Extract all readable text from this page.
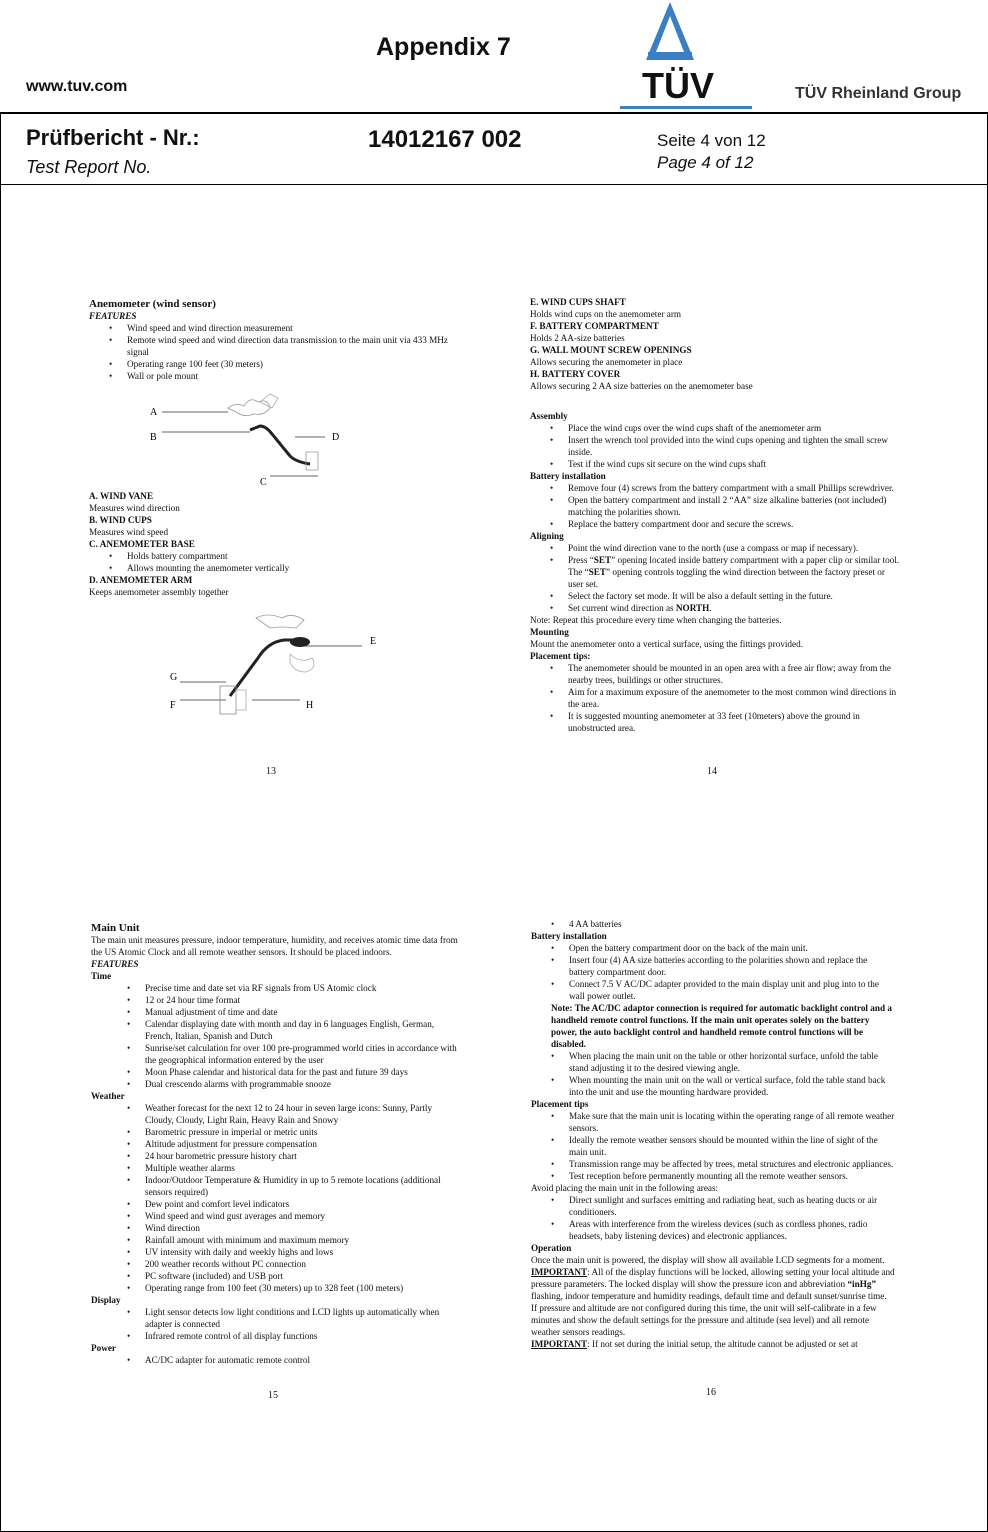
www.tuv.com
Appendix 7
TÜV	TÜV Rheinland Group
Prüfbericht - Nr.:
Test Report No.
14012167 002	Seite 4 von 12
Page 4 of 12

Anemometer (wind sensor)

FEATURES

• Wind speed and wind direction measurement
• Remote wind speed and wind direction data transmission to the main unit via 433 MHz signal
• Operating range 100 feet (30 meters)
• Wall or pole mount
A
B
C
D

A. WIND VANE

Measures wind direction

B. WIND CUPS

Measures wind speed

C. ANEMOMETER BASE

• Holds battery compartment
• Allows mounting the anemometer vertically

D. ANEMOMETER ARM

Keeps anemometer assembly together

E
G
F	H
13

E. WIND CUPS SHAFT

Holds wind cups on the anemometer arm

F. BATTERY COMPARTMENT

Holds 2 AA-size batteries

G. WALL MOUNT SCREW OPENINGS

Allows securing the anemometer in place

H. BATTERY COVER

Allows securing 2 AA size batteries on the anemometer base

Assembly

• Place the wind cups over the wind cups shaft of the anemometer arm
• Insert the wrench tool provided into the wind cups opening and tighten the small screw inside.
• Test if the wind cups sit secure on the wind cups shaft

Battery installation

• Remove four (4) screws from the battery compartment with a small Phillips screwdriver.
• Open the battery compartment and install 2 “AA” size alkaline batteries (not included) matching the polarities shown.
• Replace the battery compartment door and secure the screws.

Aligning

• Point the wind direction vane to the north (use a compass or map if necessary).
• Press “SET” opening located inside battery compartment with a paper clip or similar tool. The “SET” opening controls toggling the wind direction between the factory preset or user set.
• Select the factory set mode. It will be also a default setting in the future.
• Set current wind direction as NORTH.

Note: Repeat this procedure every time when changing the batteries.

Mounting

Mount the anemometer onto a vertical surface, using the fittings provided.

Placement tips:

• The anemometer should be mounted in an open area with a free air flow; away from the nearby trees, buildings or other structures.
• Aim for a maximum exposure of the anemometer to the most common wind directions in the area.
• It is suggested mounting anemometer at 33 feet (10meters) above the ground in unobstructed area.
14

Main Unit

The main unit measures pressure, indoor temperature, humidity, and receives atomic time data from the US Atomic Clock and all remote weather sensors. It should be placed indoors.

FEATURES

Time

• Precise time and date set via RF signals from US Atomic clock
• 12 or 24 hour time format
• Manual adjustment of time and date
• Calendar displaying date with month and day in 6 languages English, German, French, Italian, Spanish and Dutch
• Sunrise/set calculation for over 100 pre-programmed world cities in accordance with the geographical information entered by the user
• Moon Phase calendar and historical data for the past and future 39 days
• Dual crescendo alarms with programmable snooze

Weather

• Weather forecast for the next 12 to 24 hour in seven large icons: Sunny, Partly Cloudy, Cloudy, Light Rain, Heavy Rain and Snowy
• Barometric pressure in imperial or metric units
• Altitude adjustment for pressure compensation
• 24 hour barometric pressure history chart
• Multiple weather alarms
• Indoor/Outdoor Temperature & Humidity in up to 5 remote locations (additional sensors required)
• Dew point and comfort level indicators
• Wind speed and wind gust averages and memory
• Wind direction
• Rainfall amount with minimum and maximum memory
• UV intensity with daily and weekly highs and lows
• 200 weather records without PC connection
• PC software (included) and USB port
• Operating range from 100 feet (30 meters) up to 328 feet (100 meters)

Display

• Light sensor detects low light conditions and LCD lights up automatically when adapter is connected
• Infrared remote control of all display functions

Power

• AC/DC adapter for automatic remote control
15
• 4 AA batteries

Battery installation

• Open the battery compartment door on the back of the main unit.
• Insert four (4) AA size batteries according to the polarities shown and replace the battery compartment door.
• Connect 7.5 V AC/DC adapter provided to the main display unit and plug into to the wall power outlet.

Note: The AC/DC adaptor connection is required for automatic backlight control and a handheld remote control functions. If the main unit operates solely on the battery power, the auto backlight control and handheld remote control functions will be disabled.

• When placing the main unit on the table or other horizontal surface, unfold the table stand adjusting it to the desired viewing angle.
• When mounting the main unit on the wall or vertical surface, fold the table stand back into the unit and use the mounting hardware provided.

Placement tips

• Make sure that the main unit is locating within the operating range of all remote weather sensors.
• Ideally the remote weather sensors should be mounted within the line of sight of the main unit.
• Transmission range may be affected by trees, metal structures and electronic appliances.
• Test reception before permanently mounting all the remote weather sensors.

Avoid placing the main unit in the following areas:

• Direct sunlight and surfaces emitting and radiating heat, such as heating ducts or air conditioners.
• Areas with interference from the wireless devices (such as cordless phones, radio headsets, baby listening devices) and electronic appliances.

Operation

Once the main unit is powered, the display will show all available LCD segments for a moment.

IMPORTANT: All of the display functions will be locked, allowing setting your local altitude and pressure parameters. The locked display will show the pressure icon and abbreviation “inHg” flashing, indoor temperature and humidity readings, default time and default sunset/sunrise time.

If pressure and altitude are not configured during this time, the unit will self-calibrate in a few minutes and show the default settings for the pressure and altitude (sea level) and all remote weather sensors readings.

IMPORTANT: If not set during the initial setup, the altitude cannot be adjusted or set at

16
